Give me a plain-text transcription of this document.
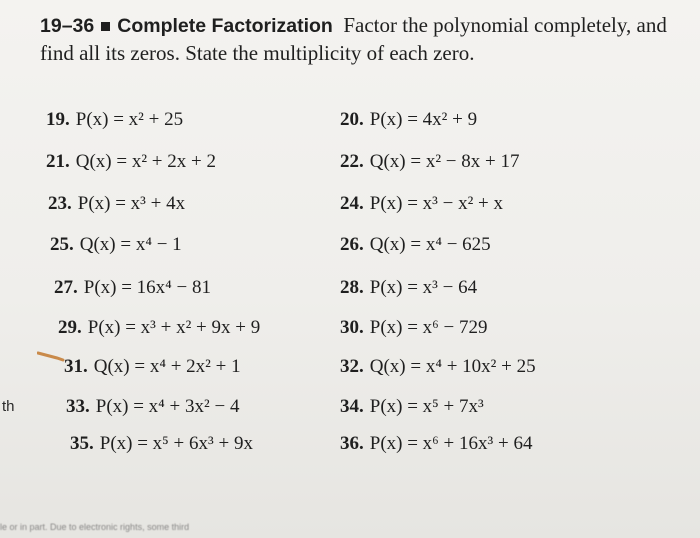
19–36 Complete Factorization Factor the polynomial completely, and find all its zeros. State the multiplicity of each zero.
19. P(x) = x² + 25
21. Q(x) = x² + 2x + 2
23. P(x) = x³ + 4x
25. Q(x) = x⁴ − 1
27. P(x) = 16x⁴ − 81
29. P(x) = x³ + x² + 9x + 9
31. Q(x) = x⁴ + 2x² + 1
33. P(x) = x⁴ + 3x² − 4
35. P(x) = x⁵ + 6x³ + 9x
20. P(x) = 4x² + 9
22. Q(x) = x² − 8x + 17
24. P(x) = x³ − x² + x
26. Q(x) = x⁴ − 625
28. P(x) = x³ − 64
30. P(x) = x⁶ − 729
32. Q(x) = x⁴ + 10x² + 25
34. P(x) = x⁵ + 7x³
36. P(x) = x⁶ + 16x³ + 64
th
le or in part. Due to electronic rights, some third
